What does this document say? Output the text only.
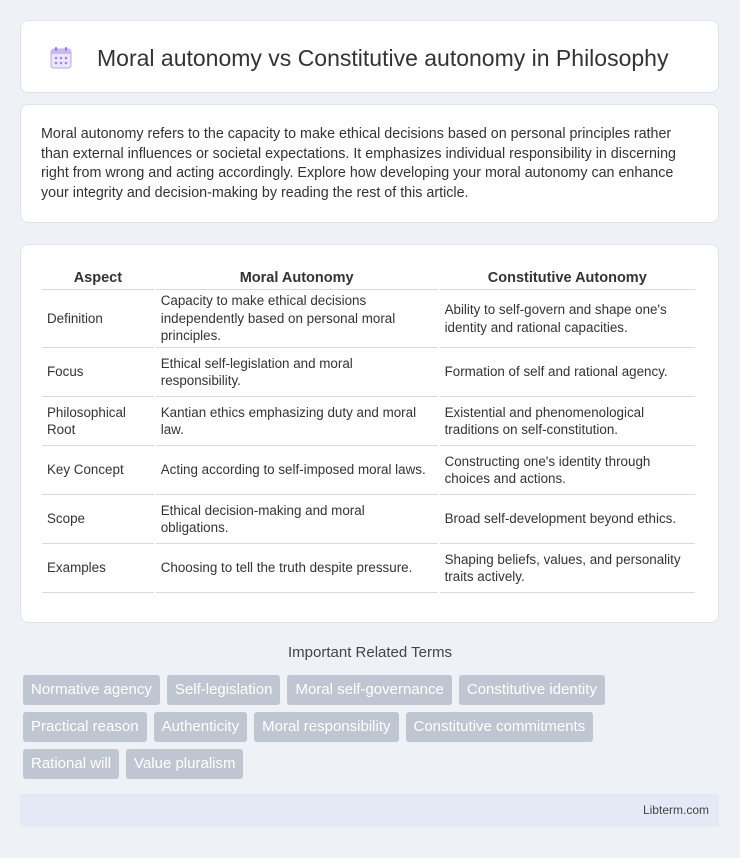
Moral autonomy vs Constitutive autonomy in Philosophy

Moral autonomy refers to the capacity to make ethical decisions based on personal principles rather than external influences or societal expectations. It emphasizes individual responsibility in discerning right from wrong and acting accordingly. Explore how developing your moral autonomy can enhance your integrity and decision-making by reading the rest of this article.

Aspect	Moral Autonomy	Constitutive Autonomy
Definition	Capacity to make ethical decisions independently based on personal moral principles.	Ability to self-govern and shape one's identity and rational capacities.
Focus	Ethical self-legislation and moral responsibility.	Formation of self and rational agency.
Philosophical Root	Kantian ethics emphasizing duty and moral law.	Existential and phenomenological traditions on self-constitution.
Key Concept	Acting according to self-imposed moral laws.	Constructing one's identity through choices and actions.
Scope	Ethical decision-making and moral obligations.	Broad self-development beyond ethics.
Examples	Choosing to tell the truth despite pressure.	Shaping beliefs, values, and personality traits actively.
Important Related Terms
Normative agency	Self-legislation	Moral self-governance	Constitutive identity
Practical reason	Authenticity	Moral responsibility	Constitutive commitments
Rational will	Value pluralism
Libterm.com
